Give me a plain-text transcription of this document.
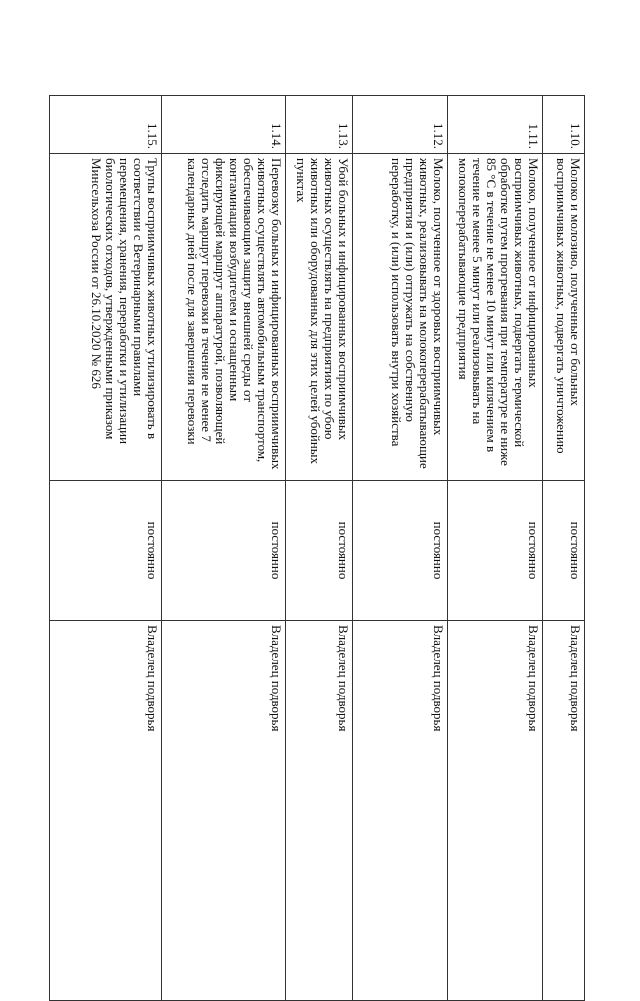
1.10.	Молоко и молозиво, полученные от больных восприимчивых животных, подвергать уничтожению	постоянно	Владелец подворья
1.11.	Молоко, полученное от инфицированных восприимчивых животных, подвергать термической обработке путем прогревания при температуре не ниже 85 °С в течение не менее 10 минут или кипячением в течение не менее 5 минут или реализовывать на молокоперерабатывающие предприятия	постоянно	Владелец подворья
1.12.	Молоко, полученное от здоровых восприимчивых животных, реализовывать на молокоперерабатывающие предприятия и (или) отгружать на собственную переработку, и (или) использовать внутри хозяйства	постоянно	Владелец подворья
1.13.	Убой больных и инфицированных восприимчивых животных осуществлять на предприятиях по убою животных или оборудованных для этих целей убойных пунктах	постоянно	Владелец подворья
1.14.	Перевозку больных и инфицированных восприимчивых животных осуществлять автомобильным транспортом, обеспечивающим защиту внешней среды от контаминации возбудителем и оснащенным фиксирующей маршрут аппаратурой, позволяющей отследить маршрут перевозки в течение не менее 7 календарных дней после для завершения перевозки	постоянно	Владелец подворья
1.15.	Трупы восприимчивых животных утилизировать в соответствии с Ветеринарными правилами перемещения, хранения, переработки и утилизации биологических отходов, утвержденными приказом Минсельхоза России от 26.10.2020 № 626	постоянно	Владелец подворья
